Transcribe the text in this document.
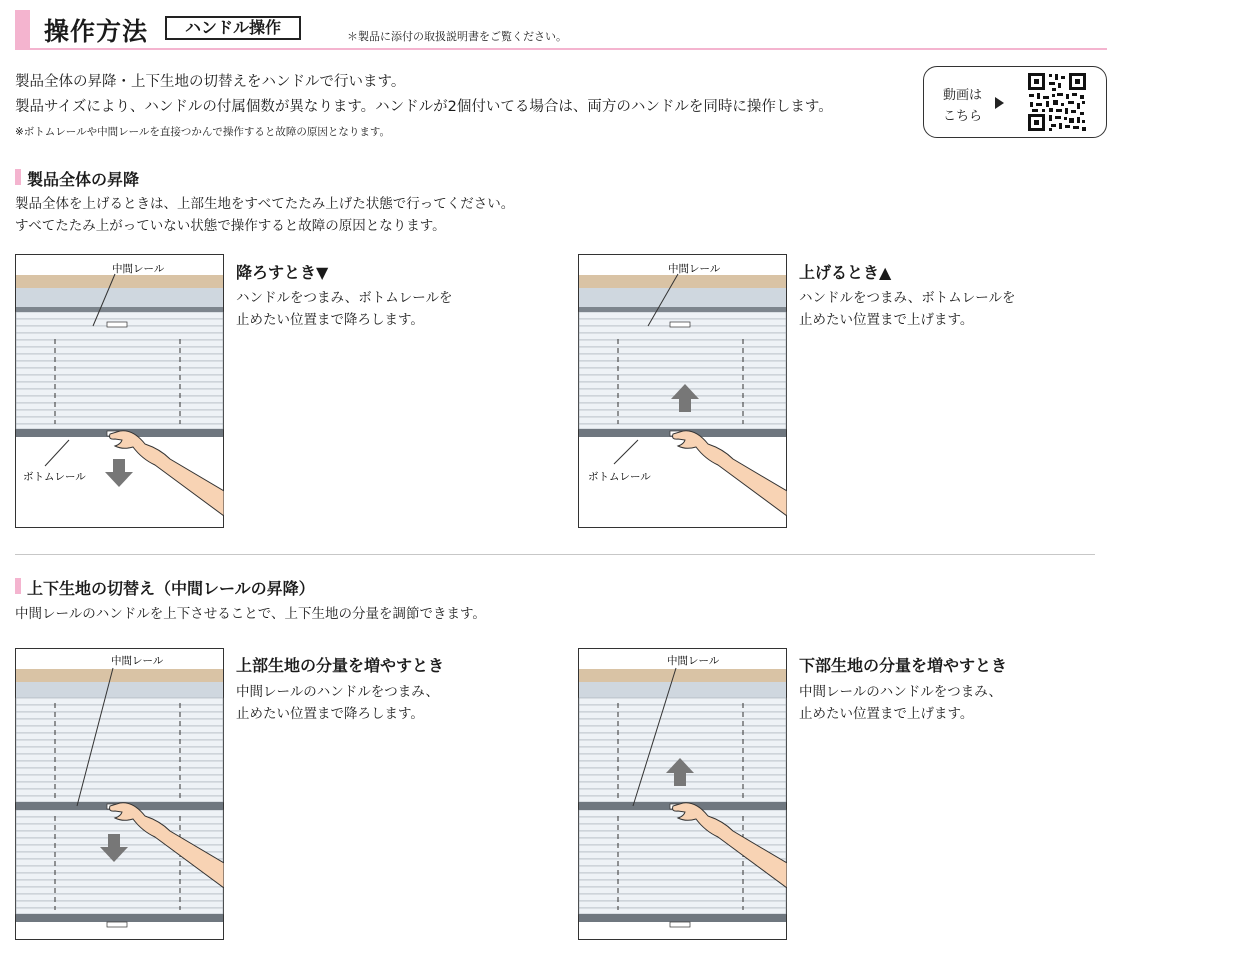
操作方法	ハンドル操作	＊製品に添付の取扱説明書をご覧ください。
製品全体の昇降・上下生地の切替えをハンドルで行います。
製品サイズにより、ハンドルの付属個数が異なります。ハンドルが2個付いてる場合は、両方のハンドルを同時に操作します。
※ボトムレールや中間レールを直接つかんで操作すると故障の原因となります。
動画は
こちら
製品全体の昇降
製品全体を上げるときは、上部生地をすべてたたみ上げた状態で行ってください。
すべてたたみ上がっていない状態で操作すると故障の原因となります。
中間レール
ボトムレール
降ろすとき▼
ハンドルをつまみ、ボトムレールを
止めたい位置まで降ろします。
中間レール
ボトムレール
上げるとき▲
ハンドルをつまみ、ボトムレールを
止めたい位置まで上げます。
上下生地の切替え（中間レールの昇降）
中間レールのハンドルを上下させることで、上下生地の分量を調節できます。
中間レール	上部生地の分量を増やすとき
中間レールのハンドルをつまみ、
止めたい位置まで降ろします。
中間レール	下部生地の分量を増やすとき
中間レールのハンドルをつまみ、
止めたい位置まで上げます。
